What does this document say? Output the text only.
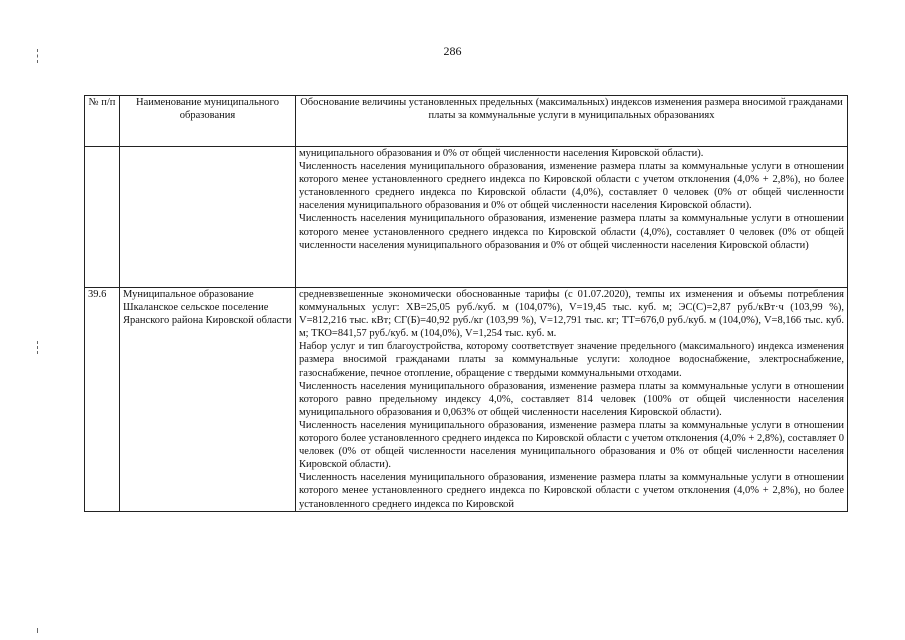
286
№ п/п	Наименование муниципального образования	Обоснование величины установленных предельных (максимальных) индексов изменения размера вносимой гражданами платы за коммунальные услуги в муниципальных образованиях

		муниципального образования и 0% от общей численности населения Кировской области).

Численность населения муниципального образования, изменение размера платы за коммунальные услуги в отношении которого менее установленного среднего индекса по Кировской области с учетом отклонения (4,0% + 2,8%), но более установленного среднего индекса по Кировской области (4,0%), составляет 0 человек (0% от общей численности населения муниципального образования и 0% от общей численности населения Кировской области).

Численность населения муниципального образования, изменение размера платы за коммунальные услуги в отношении которого менее установленного среднего индекса по Кировской области (4,0%), составляет 0 человек (0% от общей численности населения муниципального образования и 0% от общей численности населения Кировской области)

39.6	Муниципальное образование Шкаланское сельское поселение Яранского района Кировской области	средневзвешенные экономически обоснованные тарифы (с 01.07.2020), темпы их изменения и объемы потребления коммунальных услуг: ХВ=25,05 руб./куб. м (104,07%), V=19,45 тыс. куб. м; ЭС(С)=2,87 руб./кВт·ч (103,99 %), V=812,216 тыс. кВт; СГ(Б)=40,92 руб./кг (103,99 %), V=12,791 тыс. кг; ТТ=676,0 руб./куб. м (104,0%), V=8,166 тыс. куб. м; ТКО=841,57 руб./куб. м (104,0%), V=1,254 тыс. куб. м.

Набор услуг и тип благоустройства, которому соответствует значение предельного (максимального) индекса изменения размера вносимой гражданами платы за коммунальные услуги: холодное водоснабжение, электроснабжение, газоснабжение, печное отопление, обращение с твердыми коммунальными отходами.

Численность населения муниципального образования, изменение размера платы за коммунальные услуги в отношении которого равно предельному индексу 4,0%, составляет 814 человек (100% от общей численности населения муниципального образования и 0,063% от общей численности населения Кировской области).

Численность населения муниципального образования, изменение размера платы за коммунальные услуги в отношении которого более установленного среднего индекса по Кировской области с учетом отклонения (4,0% + 2,8%), составляет 0 человек (0% от общей численности населения муниципального образования и 0% от общей численности населения Кировской области).

Численность населения муниципального образования, изменение размера платы за коммунальные услуги в отношении которого менее установленного среднего индекса по Кировской области с учетом отклонения (4,0% + 2,8%), но более установленного среднего индекса по Кировской
